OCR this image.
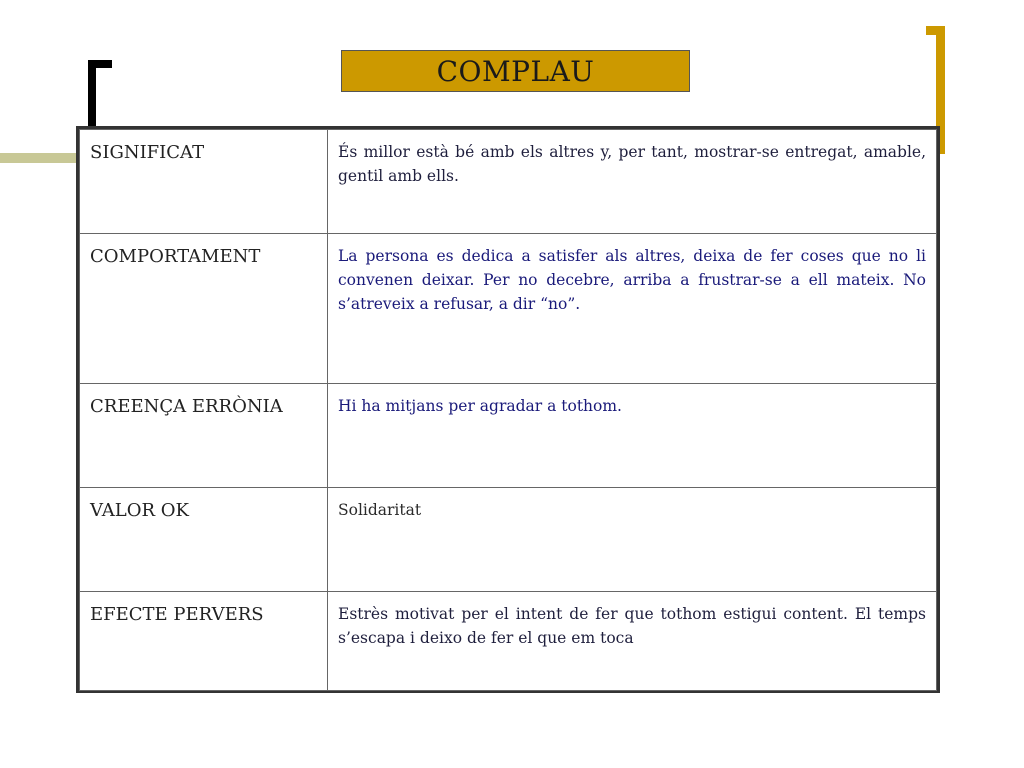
COMPLAU
SIGNIFICAT	És millor està bé amb els altres y, per tant, mostrar-se entregat, amable, gentil amb ells.
COMPORTAMENT	La persona es dedica a satisfer als altres, deixa de fer coses que no li convenen deixar. Per no decebre, arriba a frustrar-se a ell mateix. No s’atreveix a refusar, a dir “no”.
CREENÇA ERRÒNIA	Hi ha mitjans per agradar a tothom.
VALOR OK	Solidaritat
EFECTE PERVERS	Estrès motivat per el intent de fer que tothom estigui content. El temps s’escapa i deixo de fer el que em toca
